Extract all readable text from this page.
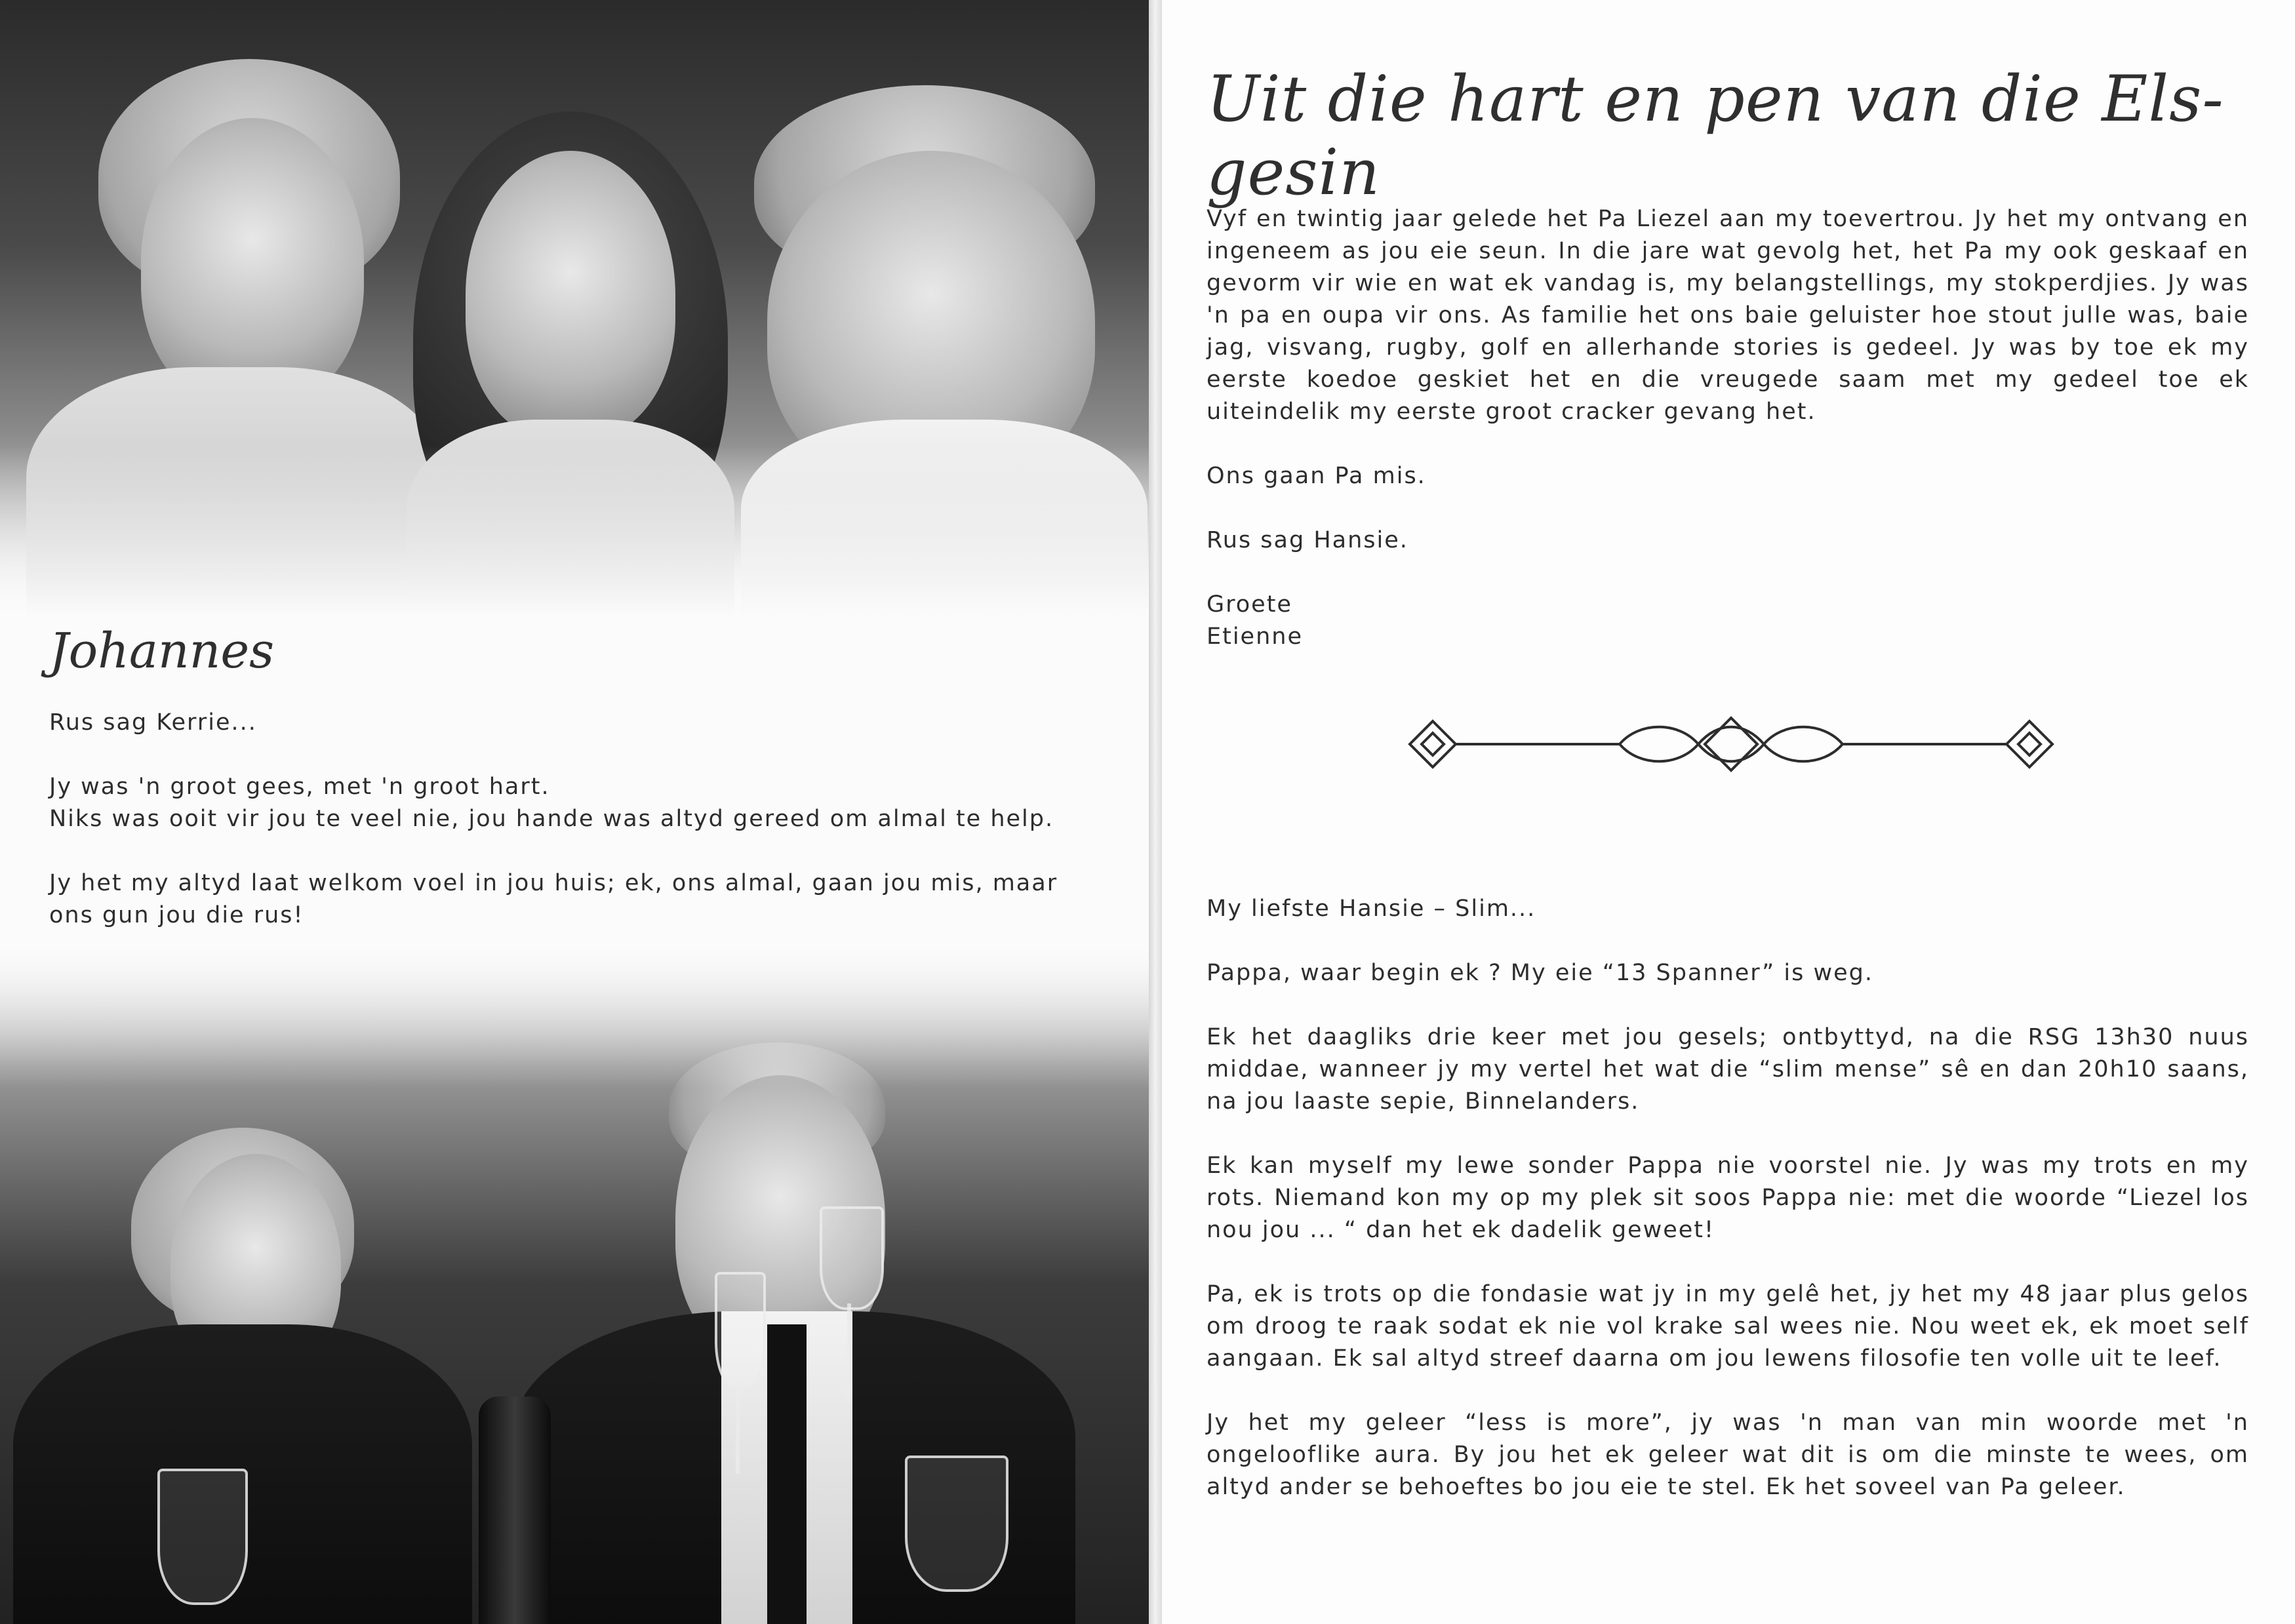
Johannes

Rus sag Kerrie...

Jy was 'n groot gees, met 'n groot hart.

Niks was ooit vir jou te veel nie, jou hande was altyd gereed om almal te help.

Jy het my altyd laat welkom voel in jou huis; ek, ons almal, gaan jou mis, maar ons gun jou die rus!

Uit die hart en pen van die Els-gesin

Vyf en twintig jaar gelede het Pa Liezel aan my toevertrou. Jy het my ontvang en ingeneem as jou eie seun. In die jare wat gevolg het, het Pa my ook geskaaf en gevorm vir wie en wat ek vandag is, my belangstellings, my stokperdjies. Jy was 'n pa en oupa vir ons. As familie het ons baie geluister hoe stout julle was, baie jag, visvang, rugby, golf en allerhande stories is gedeel. Jy was by toe ek my eerste koedoe geskiet het en die vreugede saam met my gedeel toe ek uiteindelik my eerste groot cracker gevang het.

Ons gaan Pa mis.

Rus sag Hansie.

Groete

Etienne

My liefste Hansie – Slim...

Pappa, waar begin ek ? My eie “13 Spanner” is weg.

Ek het daagliks drie keer met jou gesels; ontbyttyd, na die RSG 13h30 nuus middae, wanneer jy my vertel het wat die “slim mense” sê en dan 20h10 saans, na jou laaste sepie, Binnelanders.

Ek kan myself my lewe sonder Pappa nie voorstel nie. Jy was my trots en my rots. Niemand kon my op my plek sit soos Pappa nie: met die woorde “Liezel los nou jou ... “ dan het ek dadelik geweet!

Pa, ek is trots op die fondasie wat jy in my gelê het, jy het my 48 jaar plus gelos om droog te raak sodat ek nie vol krake sal wees nie. Nou weet ek, ek moet self aangaan. Ek sal altyd streef daarna om jou lewens filosofie ten volle uit te leef.

Jy het my geleer “less is more”, jy was 'n man van min woorde met 'n ongelooflike aura. By jou het ek geleer wat dit is om die minste te wees, om altyd ander se behoeftes bo jou eie te stel. Ek het soveel van Pa geleer.
